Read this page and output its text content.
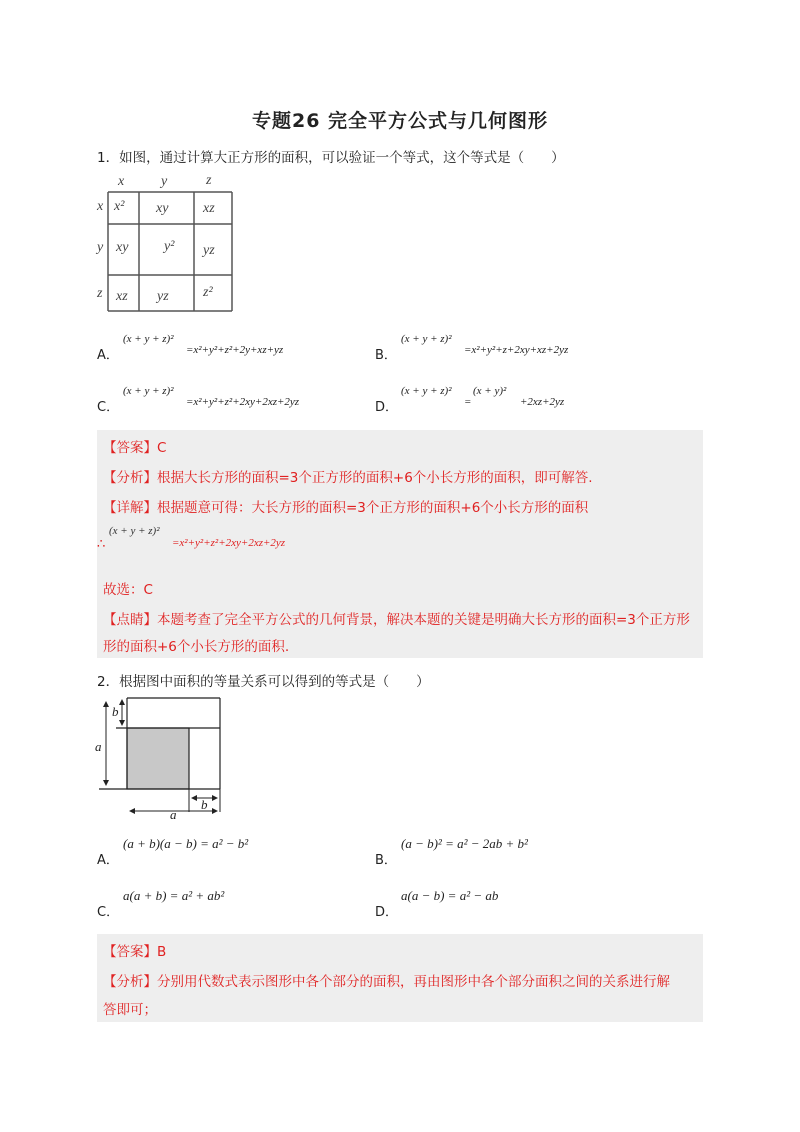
专题26 完全平方公式与几何图形
1．如图，通过计算大正方形的面积，可以验证一个等式，这个等式是（　　）
x	y	z
x
y
z
x² xy xz
xy	y² yz
xz yz z²
A．
(x + y + z)²
=x²+y²+z²+2y+xz+yz	B．
(x + y + z)²
=x²+y²+z+2xy+xz+2yz
C．
(x + y + z)²
=x²+y²+z²+2xy+2xz+2yz	D．
(x + y + z)²
=
(x + y)²
+2xz+2yz
【答案】C
【分析】根据大长方形的面积=3个正方形的面积+6个小长方形的面积，即可解答.
【详解】根据题意可得：大长方形的面积=3个正方形的面积+6个小长方形的面积
∴
(x + y + z)²
=x²+y²+z²+2xy+2xz+2yz
故选：C
【点睛】本题考查了完全平方公式的几何背景，解决本题的关键是明确大长方形的面积=3个正方形
形的面积+6个小长方形的面积.
2．根据图中面积的等量关系可以得到的等式是（　　）
b
a
b
a
A．
(a + b)(a − b) = a² − b²
B．
(a − b)² = a² − 2ab + b²
C．
a(a + b) = a² + ab²
D．
a(a − b) = a² − ab
【答案】B
【分析】分别用代数式表示图形中各个部分的面积，再由图形中各个部分面积之间的关系进行解
答即可；
